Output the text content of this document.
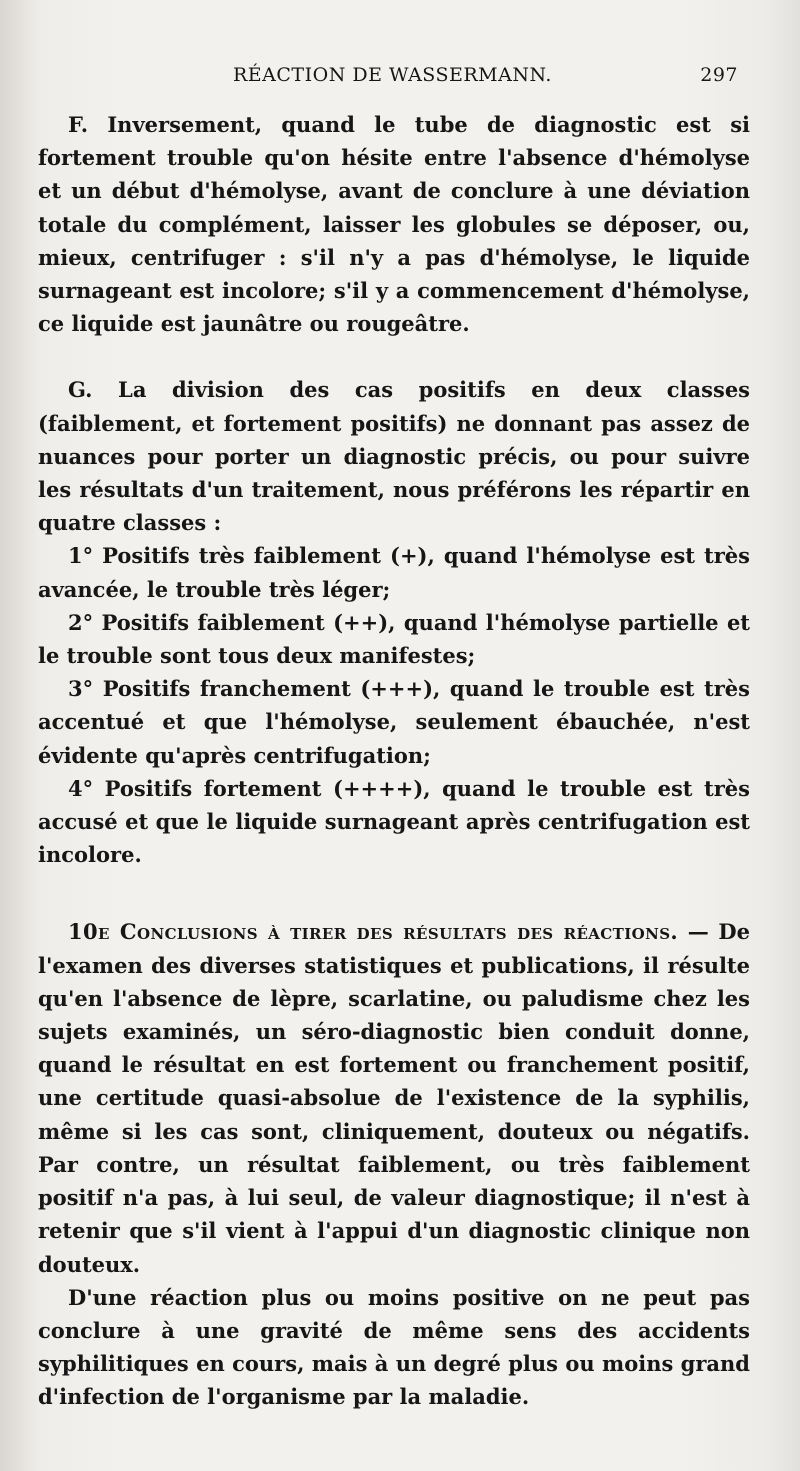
RÉACTION DE WASSERMANN.	297

F. Inversement, quand le tube de diagnostic est si fortement trouble qu'on hésite entre l'absence d'hémolyse et un début d'hémolyse, avant de conclure à une déviation totale du complément, laisser les globules se déposer, ou, mieux, centrifuger : s'il n'y a pas d'hémolyse, le liquide surnageant est incolore; s'il y a commencement d'hémolyse, ce liquide est jaunâtre ou rougeâtre.

G. La division des cas positifs en deux classes (faiblement, et fortement positifs) ne donnant pas assez de nuances pour porter un diagnostic précis, ou pour suivre les résultats d'un traitement, nous préférons les répartir en quatre classes :

1° Positifs très faiblement (+), quand l'hémolyse est très avancée, le trouble très léger;

2° Positifs faiblement (++), quand l'hémolyse partielle et le trouble sont tous deux manifestes;

3° Positifs franchement (+++), quand le trouble est très accentué et que l'hémolyse, seulement ébauchée, n'est évidente qu'après centrifugation;

4° Positifs fortement (++++), quand le trouble est très accusé et que le liquide surnageant après centrifugation est incolore.

10e Conclusions à tirer des résultats des réactions. — De l'examen des diverses statistiques et publications, il résulte qu'en l'absence de lèpre, scarlatine, ou paludisme chez les sujets examinés, un séro-diagnostic bien conduit donne, quand le résultat en est fortement ou franchement positif, une certitude quasi-absolue de l'existence de la syphilis, même si les cas sont, cliniquement, douteux ou négatifs. Par contre, un résultat faiblement, ou très faiblement positif n'a pas, à lui seul, de valeur diagnostique; il n'est à retenir que s'il vient à l'appui d'un diagnostic clinique non douteux.

D'une réaction plus ou moins positive on ne peut pas conclure à une gravité de même sens des accidents syphilitiques en cours, mais à un degré plus ou moins grand d'infection de l'organisme par la maladie.
